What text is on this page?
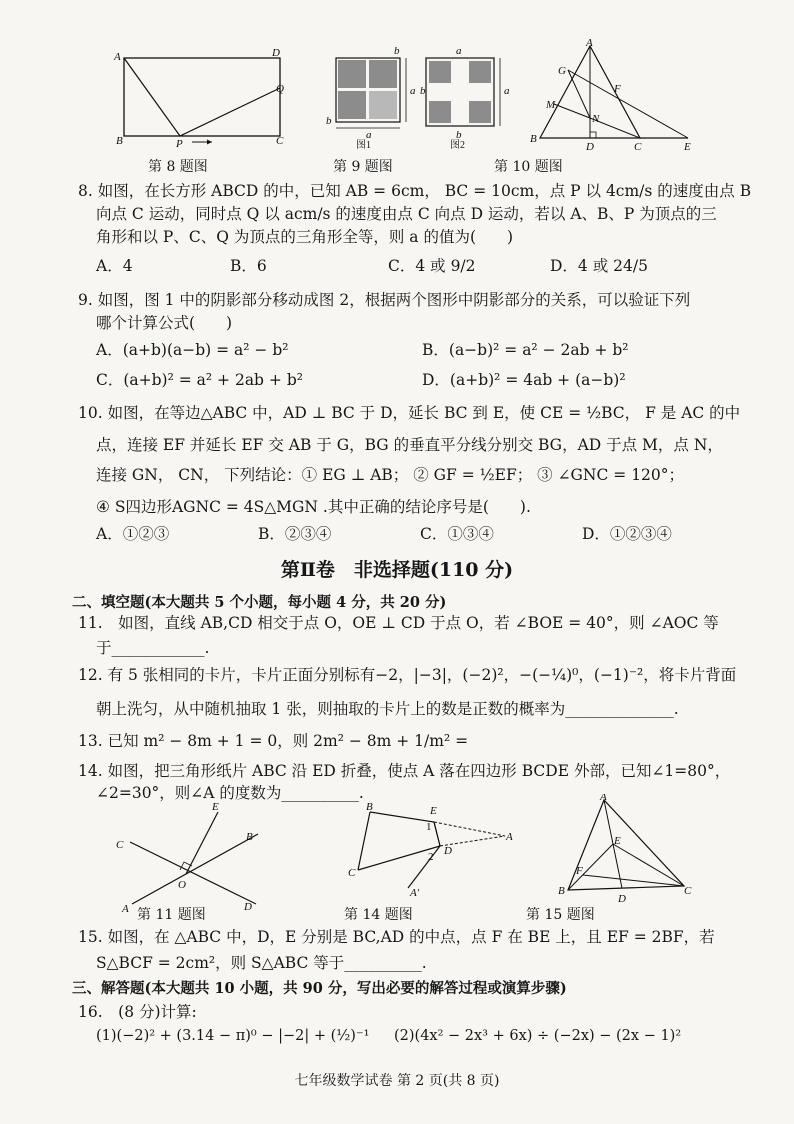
A	D
B	C
P
Q
a
a
b
b
图1
b	a
a
b
图2
A
B
C
D	E
F
G
M
N
第 8 题图	第 9 题图	第 10 题图
8. 如图，在长方形 ABCD 的中，已知 AB = 6cm， BC = 10cm，点 P 以 4cm/s 的速度由点 B
向点 C 运动，同时点 Q 以 acm/s 的速度由点 C 向点 D 运动，若以 A、B、P 为顶点的三
角形和以 P、C、Q 为顶点的三角形全等，则 a 的值为(　　)
A．4	B．6	C．4 或 9/2	D．4 或 24/5
9. 如图，图 1 中的阴影部分移动成图 2，根据两个图形中阴影部分的关系，可以验证下列
哪个计算公式(　　)
A．(a+b)(a−b) = a² − b²	B．(a−b)² = a² − 2ab + b²
C．(a+b)² = a² + 2ab + b²	D．(a+b)² = 4ab + (a−b)²
10. 如图，在等边△ABC 中，AD ⊥ BC 于 D，延长 BC 到 E，使 CE = ½BC， F 是 AC 的中
点，连接 EF 并延长 EF 交 AB 于 G，BG 的垂直平分线分别交 BG，AD 于点 M，点 N，
连接 GN， CN， 下列结论：① EG ⊥ AB； ② GF = ½EF； ③ ∠GNC = 120°；
④ S四边形AGNC = 4S△MGN .其中正确的结论序号是(　　).
A．①②③	B．②③④	C．①③④	D．①②③④
第Ⅱ卷　非选择题(110 分)
二、填空题(本大题共 5 个小题，每小题 4 分，共 20 分)
11.　如图，直线 AB,CD 相交于点 O，OE ⊥ CD 于点 O，若 ∠BOE = 40°，则 ∠AOC 等
于____________.
12. 有 5 张相同的卡片，卡片正面分别标有−2，|−3|，(−2)²，−(−¼)⁰，(−1)⁻²，将卡片背面
朝上洗匀，从中随机抽取 1 张，则抽取的卡片上的数是正数的概率为______________.
13. 已知 m² − 8m + 1 = 0，则 2m² − 8m + 1/m² =
14. 如图，把三角形纸片 ABC 沿 ED 折叠，使点 A 落在四边形 BCDE 外部，已知∠1=80°，
∠2=30°，则∠A 的度数为__________.
E
B
C
O
A	D
B	E
A
D
C
A′
1
2
A
B	C
D
E
F
第 11 题图	第 14 题图	第 15 题图
15. 如图，在 △ABC 中，D，E 分别是 BC,AD 的中点，点 F 在 BE 上，且 EF = 2BF，若
S△BCF = 2cm²，则 S△ABC 等于__________.
三、解答题(本大题共 10 小题，共 90 分，写出必要的解答过程或演算步骤)
16.　(8 分)计算:
(1)(−2)² + (3.14 − π)⁰ − |−2| + (½)⁻¹ (2)(4x² − 2x³ + 6x) ÷ (−2x) − (2x − 1)²
七年级数学试卷 第 2 页(共 8 页)
